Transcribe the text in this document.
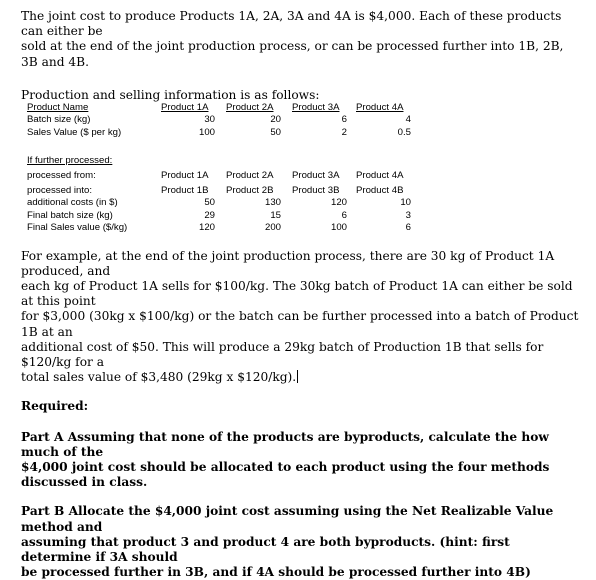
The joint cost to produce Products 1A, 2A, 3A and 4A is $4,000. Each of these products can either be
sold at the end of the joint production process, or can be processed further into 1B, 2B, 3B and 4B.

Production and selling information is as follows:

Product Name	Product 1A Product 2A Product 3A Product 4A
Batch size (kg)	30	20	6	4
Sales Value ($ per kg)	100	50	2	0.5
If further processed:
processed from:	Product 1A Product 2A Product 3A Product 4A
processed into:	Product 1B Product 2B Product 3B Product 4B
additional costs (in $)	50	130	120	10
Final batch size (kg)	29	15	6	3
Final Sales value ($/kg)	120	200	100	6

For example, at the end of the joint production process, there are 30 kg of Product 1A produced, and
each kg of Product 1A sells for $100/kg. The 30kg batch of Product 1A can either be sold at this point
for $3,000 (30kg x $100/kg) or the batch can be further processed into a batch of Product 1B at an
additional cost of $50. This will produce a 29kg batch of Production 1B that sells for $120/kg for a
total sales value of $3,480 (29kg x $120/kg).

Required:

Part A Assuming that none of the products are byproducts, calculate the how much of the
$4,000 joint cost should be allocated to each product using the four methods discussed in class.

Part B Allocate the $4,000 joint cost assuming using the Net Realizable Value method and
assuming that product 3 and product 4 are both byproducts. (hint: first determine if 3A should
be processed further in 3B, and if 4A should be processed further into 4B)
